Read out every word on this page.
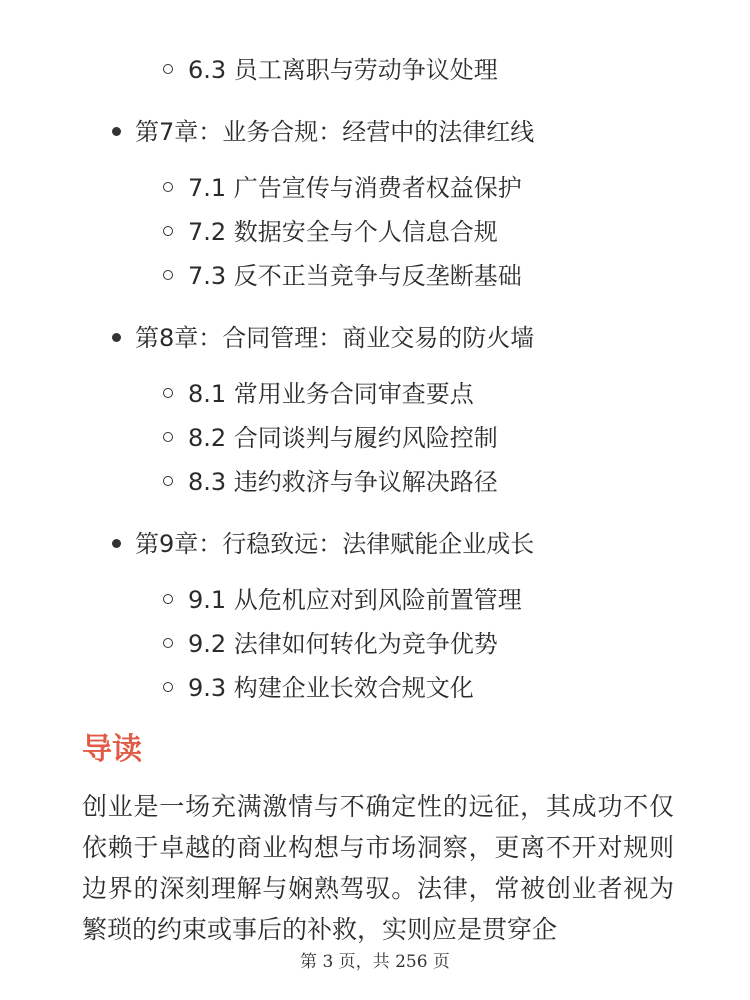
6.3 员工离职与劳动争议处理
第7章：业务合规：经营中的法律红线
7.1 广告宣传与消费者权益保护
7.2 数据安全与个人信息合规
7.3 反不正当竞争与反垄断基础
第8章：合同管理：商业交易的防火墙
8.1 常用业务合同审查要点
8.2 合同谈判与履约风险控制
8.3 违约救济与争议解决路径
第9章：行稳致远：法律赋能企业成长
9.1 从危机应对到风险前置管理
9.2 法律如何转化为竞争优势
9.3 构建企业长效合规文化
导读

创业是一场充满激情与不确定性的远征，其成功不仅依赖于卓越的商业构想与市场洞察，更离不开对规则边界的深刻理解与娴熟驾驭。法律，常被创业者视为繁琐的约束或事后的补救，实则应是贯穿企

第 3 页，共 256 页
